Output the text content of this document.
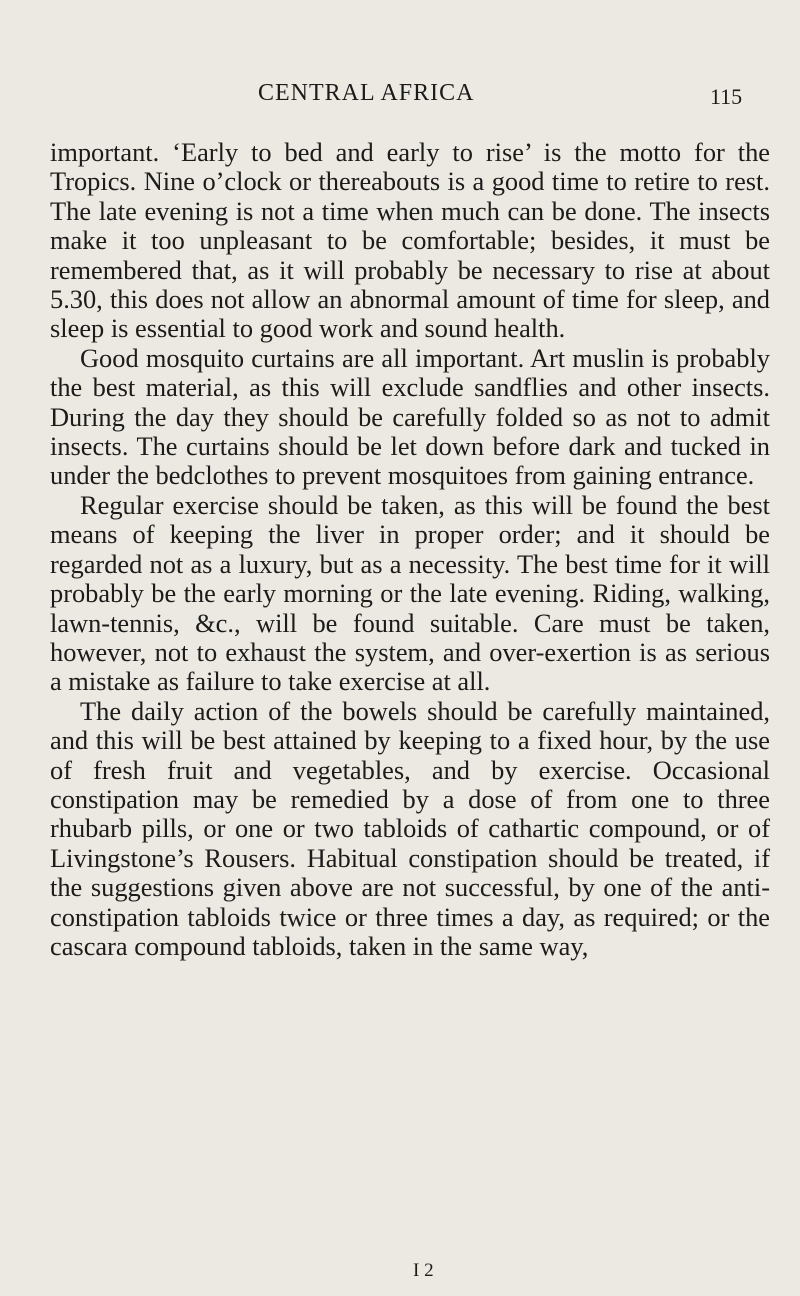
CENTRAL AFRICA	115

important. ‘Early to bed and early to rise’ is the motto for the Tropics. Nine o’clock or thereabouts is a good time to retire to rest. The late evening is not a time when much can be done. The insects make it too unpleasant to be comfortable; besides, it must be remembered that, as it will probably be necessary to rise at about 5.30, this does not allow an abnormal amount of time for sleep, and sleep is essential to good work and sound health.

Good mosquito curtains are all important. Art muslin is probably the best material, as this will exclude sandflies and other insects. During the day they should be carefully folded so as not to admit insects. The curtains should be let down before dark and tucked in under the bedclothes to prevent mosquitoes from gaining entrance.

Regular exercise should be taken, as this will be found the best means of keeping the liver in proper order; and it should be regarded not as a luxury, but as a necessity. The best time for it will probably be the early morning or the late evening. Riding, walking, lawn-tennis, &c., will be found suitable. Care must be taken, however, not to exhaust the system, and over-exertion is as serious a mistake as failure to take exercise at all.

The daily action of the bowels should be carefully maintained, and this will be best attained by keeping to a fixed hour, by the use of fresh fruit and vegetables, and by exercise. Occasional constipation may be remedied by a dose of from one to three rhubarb pills, or one or two tabloids of cathartic compound, or of Livingstone’s Rousers. Habitual constipation should be treated, if the suggestions given above are not successful, by one of the anti-constipation tabloids twice or three times a day, as required; or the cascara compound tabloids, taken in the same way,

I 2
